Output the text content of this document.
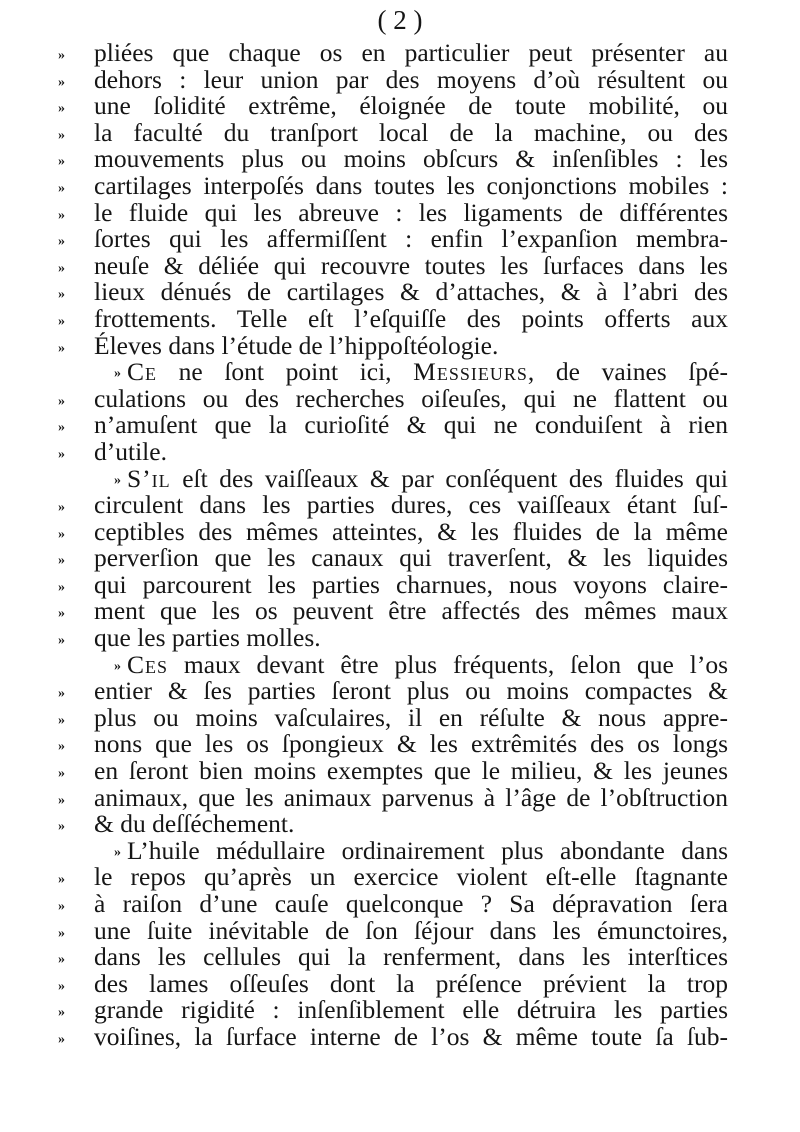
( 2 )
» pliées que chaque os en particulier peut présenter au
» dehors : leur union par des moyens d’où résultent ou
» une ſolidité extrême, éloignée de toute mobilité, ou
» la faculté du tranſport local de la machine, ou des
» mouvements plus ou moins obſcurs & inſenſibles : les
» cartilages interpoſés dans toutes les conjonctions mobiles :
» le fluide qui les abreuve : les ligaments de différentes
» ſortes qui les affermiſſent : enfin l’expanſion membra-
» neuſe & déliée qui recouvre toutes les ſurfaces dans les
» lieux dénués de cartilages & d’attaches, & à l’abri des
» frottements. Telle eſt l’eſquiſſe des points offerts aux
» Éleves dans l’étude de l’hippoſtéologie.
» Ce ne ſont point ici, Messieurs, de vaines ſpé-
» culations ou des recherches oiſeuſes, qui ne flattent ou
» n’amuſent que la curioſité & qui ne conduiſent à rien
» d’utile.
» S’il eſt des vaiſſeaux & par conſéquent des fluides qui
» circulent dans les parties dures, ces vaiſſeaux étant ſuſ-
» ceptibles des mêmes atteintes, & les fluides de la même
» perverſion que les canaux qui traverſent, & les liquides
» qui parcourent les parties charnues, nous voyons claire-
» ment que les os peuvent être affectés des mêmes maux
» que les parties molles.
» Ces maux devant être plus fréquents, ſelon que l’os
» entier & ſes parties ſeront plus ou moins compactes &
» plus ou moins vaſculaires, il en réſulte & nous appre-
» nons que les os ſpongieux & les extrêmités des os longs
» en ſeront bien moins exemptes que le milieu, & les jeunes
» animaux, que les animaux parvenus à l’âge de l’obſtruction
» & du deſſéchement.
» L’huile médullaire ordinairement plus abondante dans
» le repos qu’après un exercice violent eſt-elle ſtagnante
» à raiſon d’une cauſe quelconque ? Sa dépravation ſera
» une ſuite inévitable de ſon ſéjour dans les émunctoires,
» dans les cellules qui la renferment, dans les interſtices
» des lames oſſeuſes dont la préſence prévient la trop
» grande rigidité : inſenſiblement elle détruira les parties
» voiſines, la ſurface interne de l’os & même toute ſa ſub-
